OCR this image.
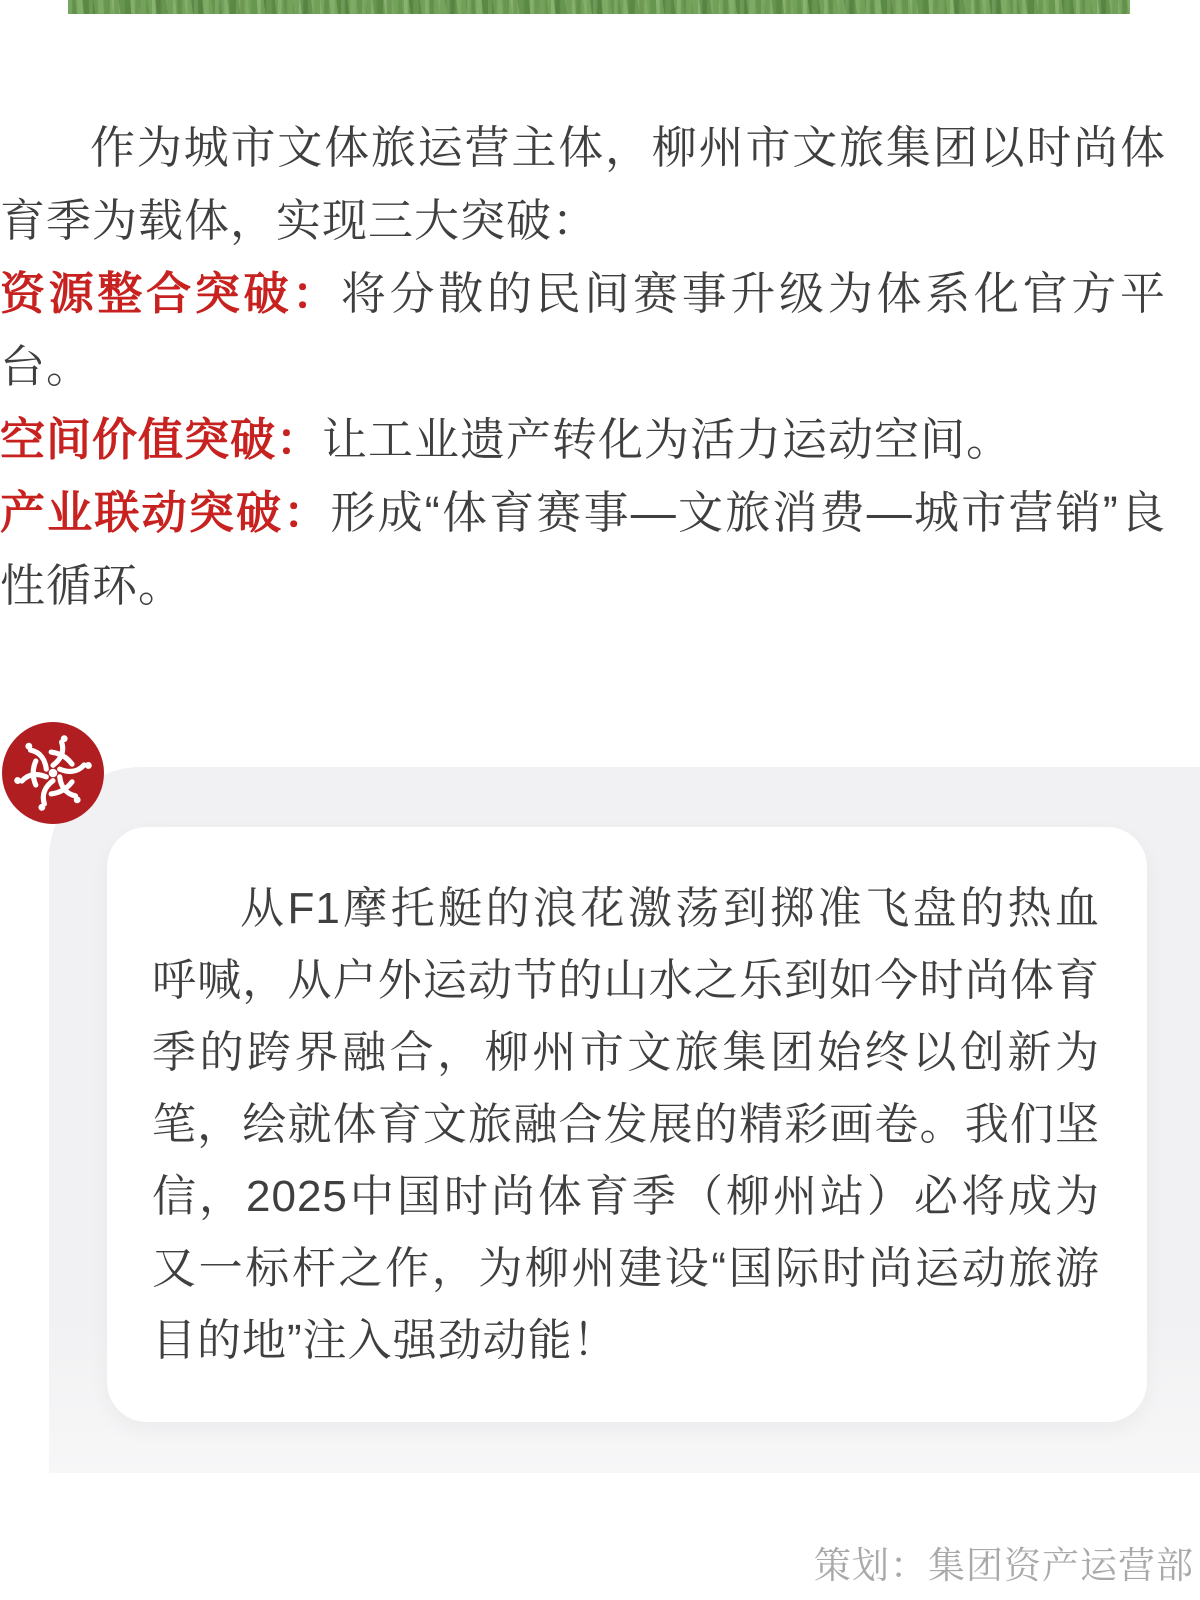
作为城市文体旅运营主体，柳州市文旅集团以时尚体育季为载体，实现三大突破：

资源整合突破：将分散的民间赛事升级为体系化官方平台。

空间价值突破：让工业遗产转化为活力运动空间。

产业联动突破：形成“体育赛事—文旅消费—城市营销”良性循环。

从F1摩托艇的浪花激荡到掷准飞盘的热血呼喊，从户外运动节的山水之乐到如今时尚体育季的跨界融合，柳州市文旅集团始终以创新为笔，绘就体育文旅融合发展的精彩画卷。我们坚信，2025中国时尚体育季（柳州站）必将成为又一标杆之作，为柳州建设“国际时尚运动旅游目的地”注入强劲动能！

策划：集团资产运营部
